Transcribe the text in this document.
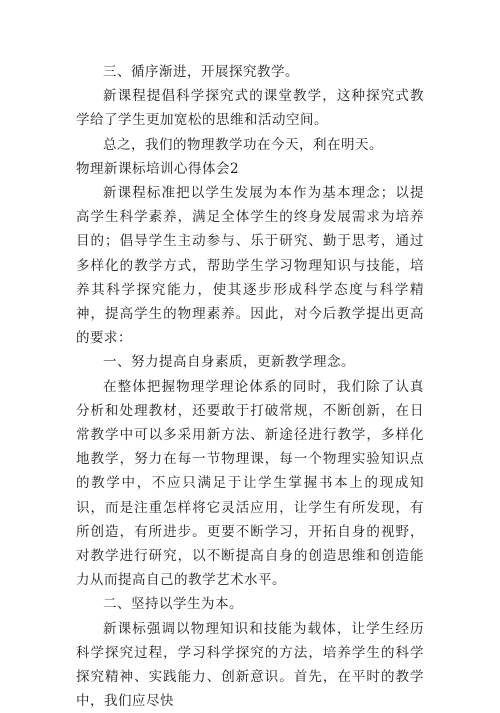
三、循序渐进，开展探究教学。

新课程提倡科学探究式的课堂教学，这种探究式教学给了学生更加宽松的思维和活动空间。

总之，我们的物理教学功在今天，利在明天。

物理新课标培训心得体会2

新课程标准把以学生发展为本作为基本理念；以提高学生科学素养，满足全体学生的终身发展需求为培养目的；倡导学生主动参与、乐于研究、勤于思考，通过多样化的教学方式，帮助学生学习物理知识与技能，培养其科学探究能力，使其逐步形成科学态度与科学精神，提高学生的物理素养。因此，对今后教学提出更高的要求：

一、努力提高自身素质，更新教学理念。

在整体把握物理学理论体系的同时，我们除了认真分析和处理教材，还要敢于打破常规，不断创新，在日常教学中可以多采用新方法、新途径进行教学，多样化地教学，努力在每一节物理课，每一个物理实验知识点的教学中，不应只满足于让学生掌握书本上的现成知识，而是注重怎样将它灵活应用，让学生有所发现，有所创造，有所进步。更要不断学习，开拓自身的视野，对教学进行研究，以不断提高自身的创造思维和创造能力从而提高自己的教学艺术水平。

二、坚持以学生为本。

新课标强调以物理知识和技能为载体，让学生经历科学探究过程，学习科学探究的方法，培养学生的科学探究精神、实践能力、创新意识。首先，在平时的教学中，我们应尽快
